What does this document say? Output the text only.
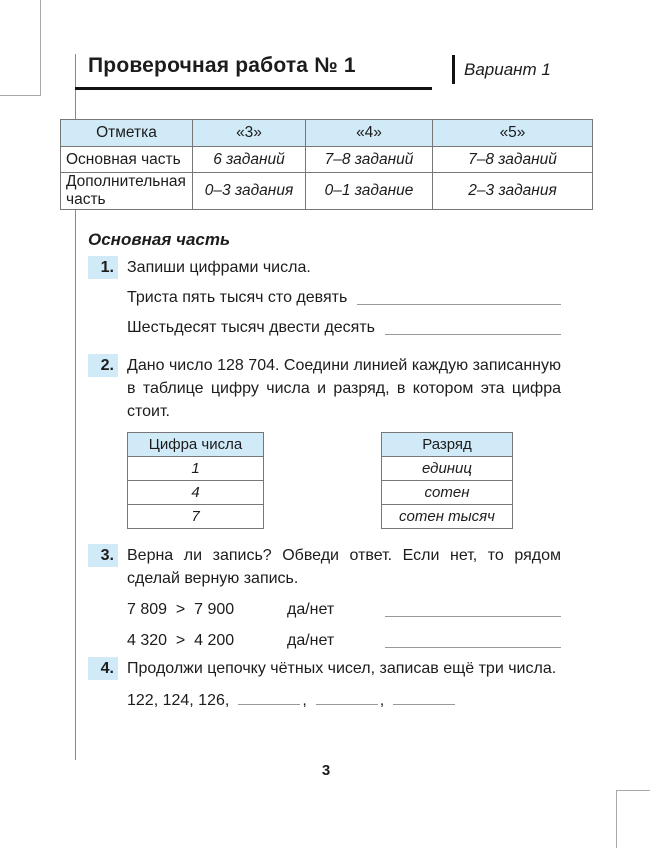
Проверочная работа № 1	Вариант 1
Отметка	«3»	«4»	«5»
Основная часть	6 заданий	7–8 заданий	7–8 заданий
Дополнительная часть	0–3 задания	0–1 задание	2–3 задания
Основная часть
1. Запиши цифрами числа.
Триста пять тысяч сто девять
Шестьдесят тысяч двести десять
2. Дано число 128 704. Соедини линией каждую записанную в таблице цифру числа и разряд, в котором эта цифра стоит.
Цифра числа
1
4
7
Разряд
единиц
сотен
сотен тысяч
3. Верна ли запись? Обведи ответ. Если нет, то рядом сделай верную запись.
7 809  >  7 900	да/нет
4 320  >  4 200	да/нет
4. Продолжи цепочку чётных чисел, записав ещё три числа.
122, 124, 126,	,	,
3
